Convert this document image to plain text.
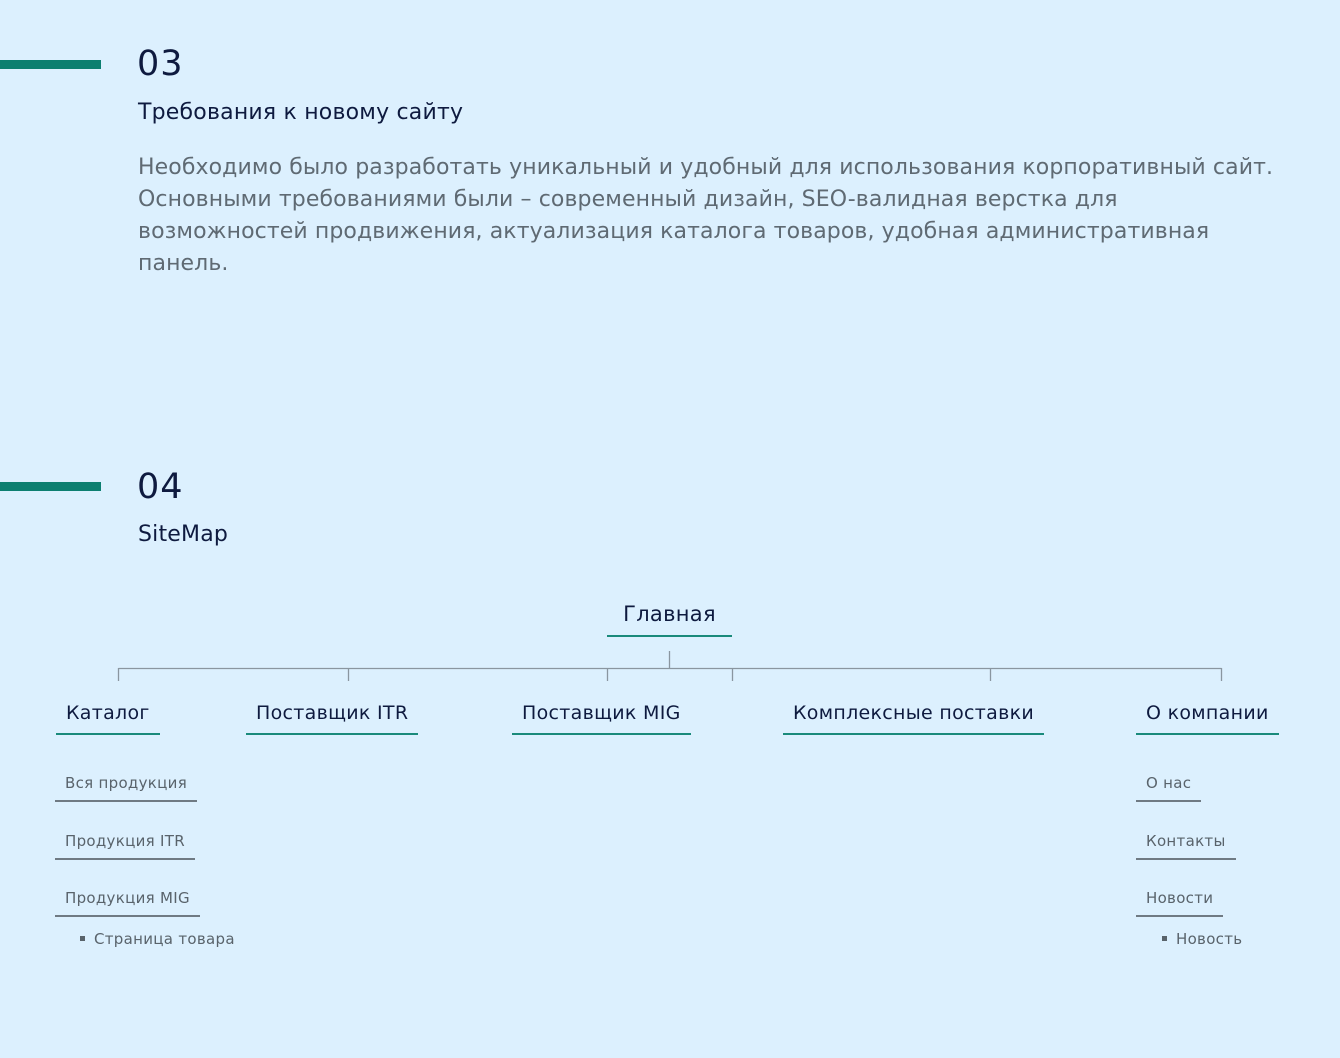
03
Требования к новому сайту
Необходимо было разработать уникальный и удобный для использования корпоративный сайт. Основными требованиями были – современный дизайн, SEO-валидная верстка для возможностей продвижения, актуализация каталога товаров, удобная административная панель.
04
SiteMap
Главная
Каталог	Поставщик ITR	Поставщик MIG	Комплексные поставки	О компании
Вся продукция
Продукция ITR
Продукция MIG
Страница товара
О нас
Контакты
Новости
Новость
